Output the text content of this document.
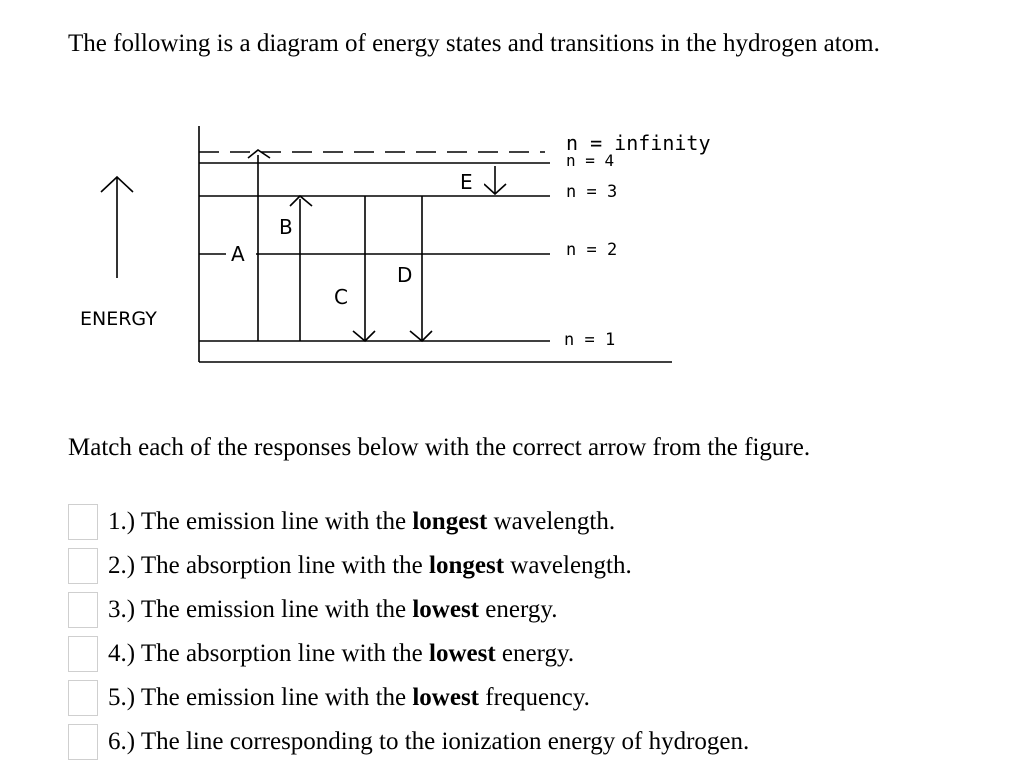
The following is a diagram of energy states and transitions in the hydrogen atom.
A
B
C
D
E
ENERGY
n = infinity
n = 4
n = 3
n = 2
n = 1

Match each of the responses below with the correct arrow from the figure.

1.) The emission line with the longest wavelength.
2.) The absorption line with the longest wavelength.
3.) The emission line with the lowest energy.
4.) The absorption line with the lowest energy.
5.) The emission line with the lowest frequency.
6.) The line corresponding to the ionization energy of hydrogen.
